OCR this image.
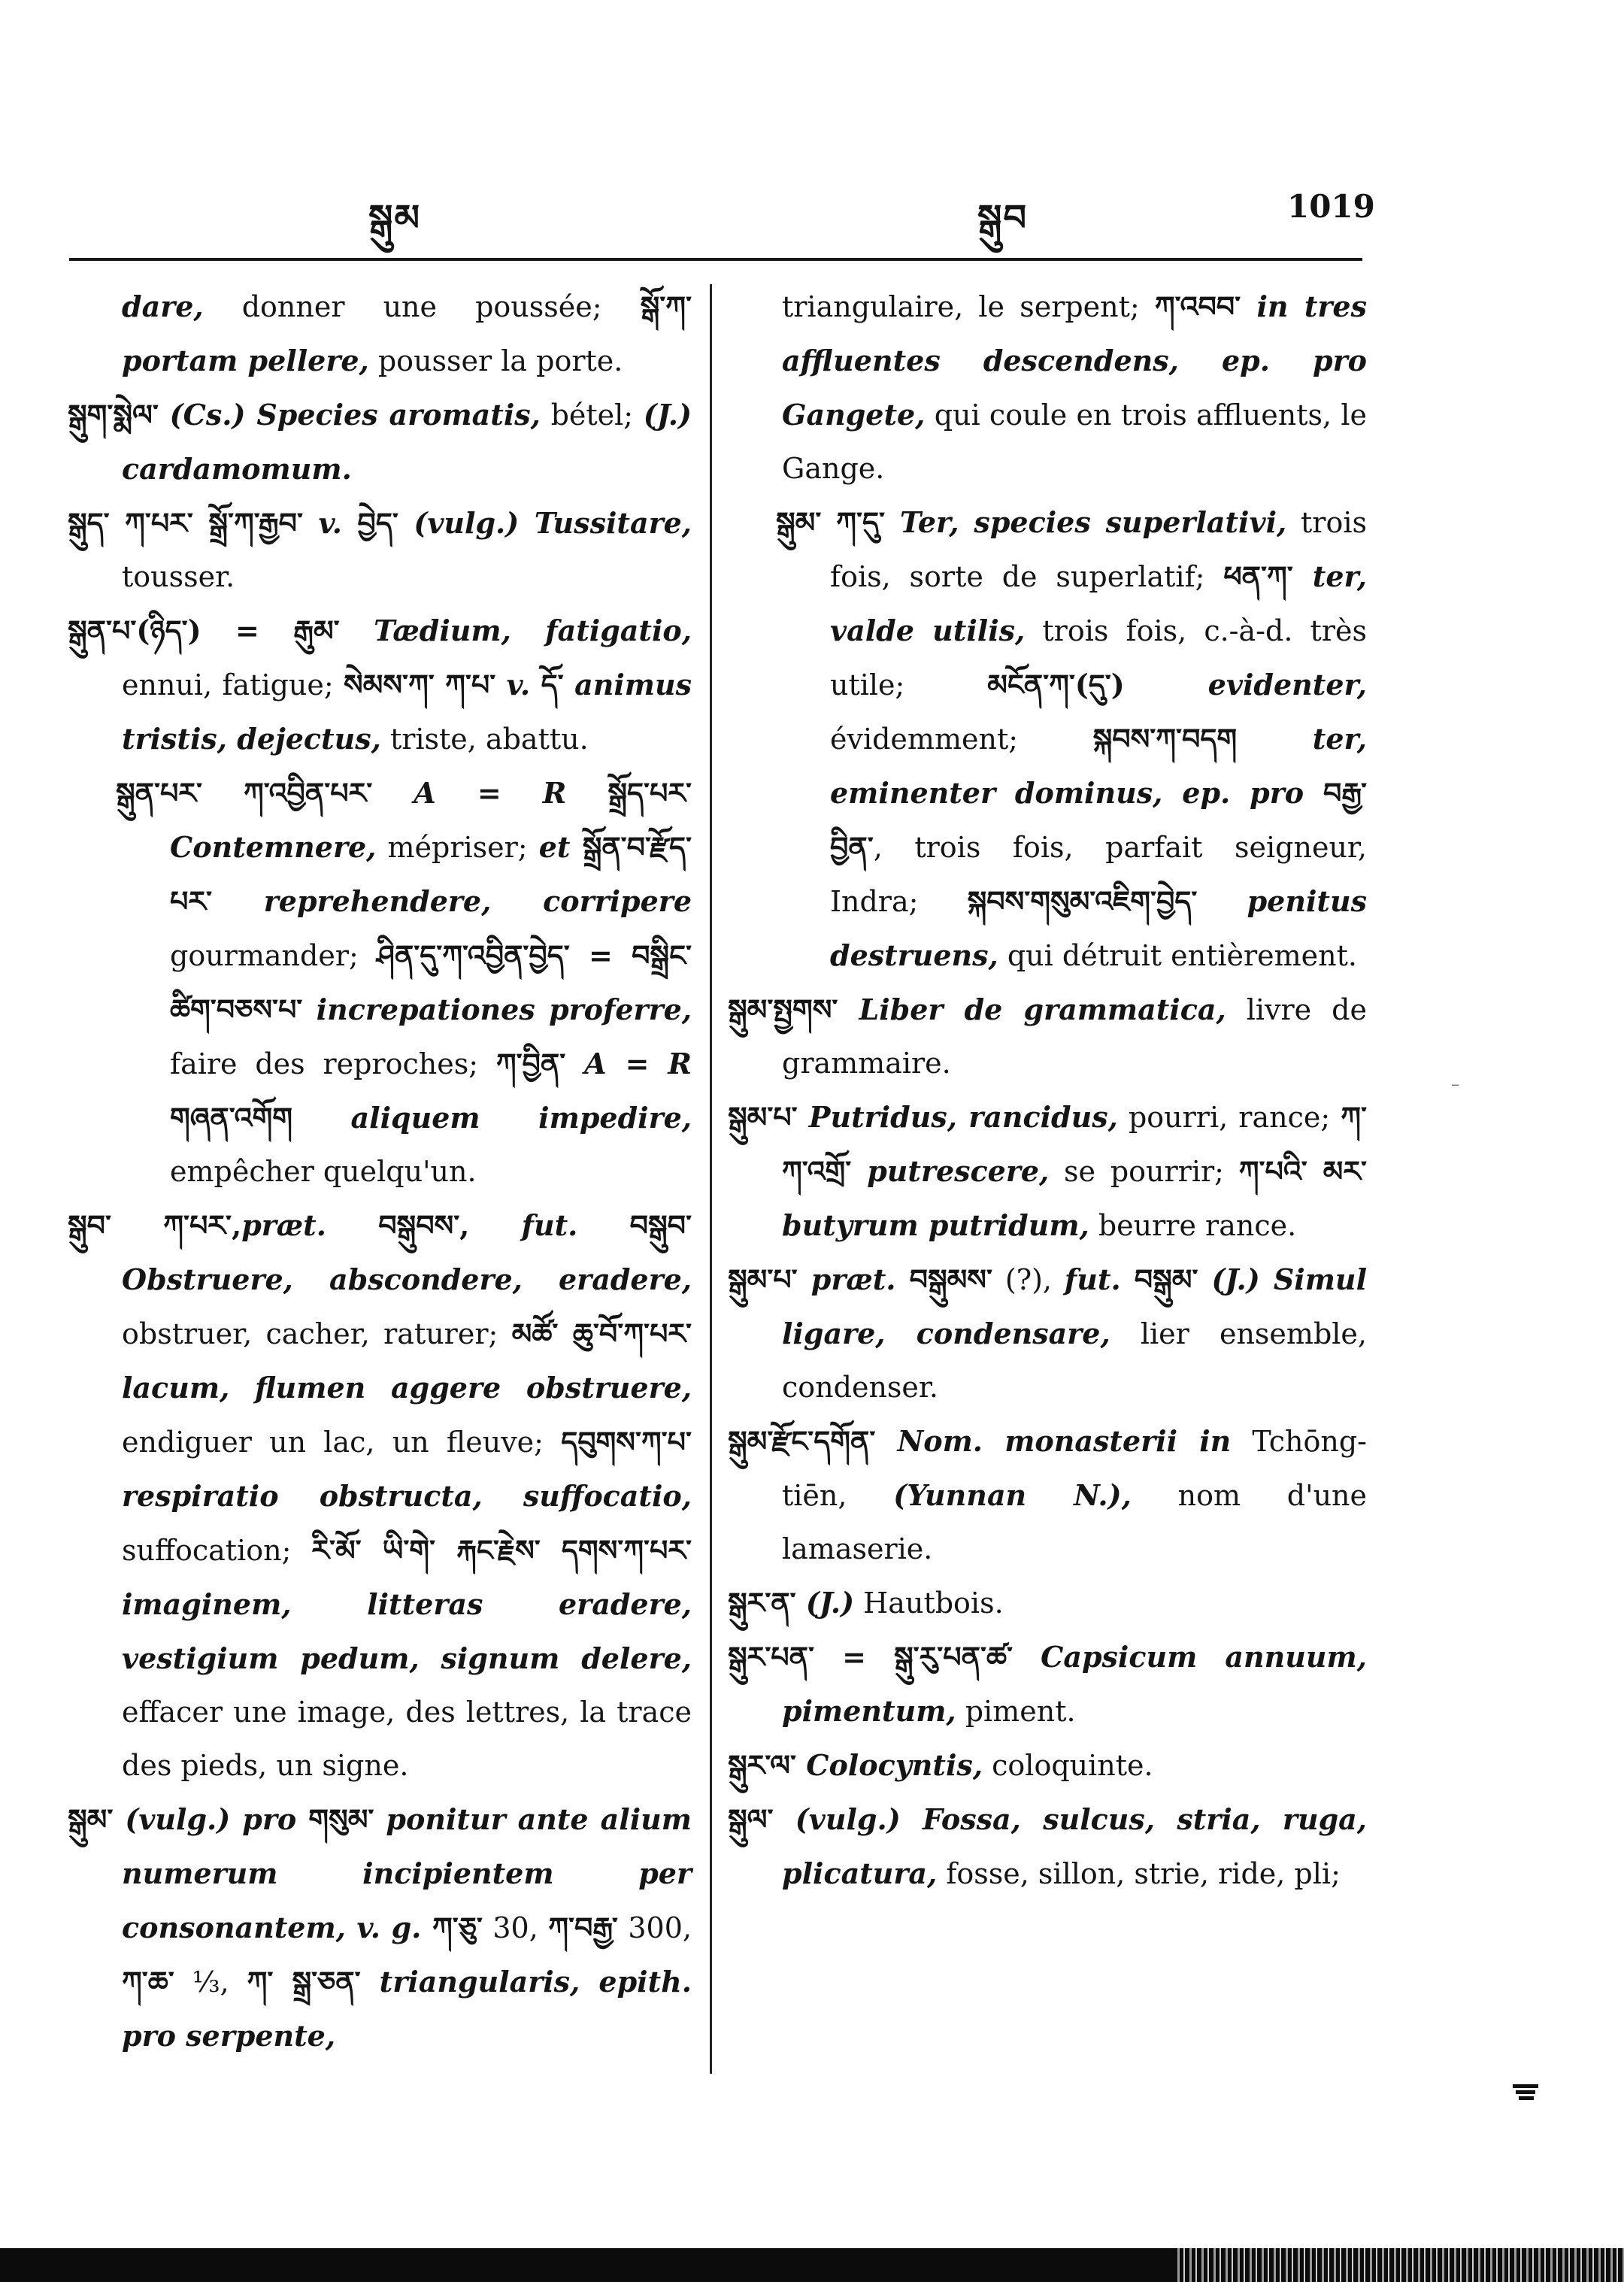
སྒུམ	སྒུབ	1019

dare, donner une poussée; སྒོ་ཀ་ portam pellere, pousser la porte.

སྒུག་སྨེལ་ (Cs.) Species aromatis, bétel; (J.) cardamomum.

སྒུད་ ཀ་པར་ སྒྲོ་ཀ་རྒྱབ་ v. བྱེད་ (vulg.) Tussitare, tousser.

སྒུན་པ་(ཉིད་) = རྒུམ་ Tædium, fatigatio, ennui, fatigue; སེམས་ཀ་ ཀ་པ་ v. དོ་ animus tristis, dejectus, triste, abattu.

སྒུན་པར་ ཀ་འབྱིན་པར་ A = R སྒྲོད་པར་ Contemnere, mépriser; et སྒྲོན་བ་རྫོད་པར་ reprehendere, corripere gourmander; ཤིན་དུ་ཀ་འབྱིན་བྱེད་ = བསྒྲིང་ཚིག་བཅས་པ་ increpationes proferre, faire des reproches; ཀ་བྱིན་ A = R གཞན་འགོག aliquem impedire, empêcher quelqu'un.

སྒུབ་ ཀ་པར་,præt. བསྒུབས་, fut. བསྒུབ་ Obstruere, abscondere, eradere, obstruer, cacher, raturer; མཚོ་ ཆུ་བོ་ཀ་པར་ lacum, flumen aggere obstruere, endiguer un lac, un fleuve; དབུགས་ཀ་པ་ respiratio obstructa, suffocatio, suffocation; རི་མོ་ ཡི་གེ་ རྐང་རྗེས་ དགས་ཀ་པར་ imaginem, litteras eradere, vestigium pedum, signum delere, effacer une image, des lettres, la trace des pieds, un signe.

སྒུམ་ (vulg.) pro གསུམ་ ponitur ante alium numerum incipientem per consonantem, v. g. ཀ་ཅུ་ 30, ཀ་བརྒྱ་ 300, ཀ་ཆ་ ⅓, ཀ་ སྒྲ་ཅན་ triangularis, epith. pro serpente,

triangulaire, le serpent; ཀ་འབབ་ in tres affluentes descendens, ep. pro Gangete, qui coule en trois affluents, le Gange.

སྒུམ་ ཀ་དུ་ Ter, species superlativi, trois fois, sorte de superlatif; ཕན་ཀ་ ter, valde utilis, trois fois, c.-à-d. très utile; མངོན་ཀ་(དུ་) evidenter, évidemment; སྐབས་ཀ་བདག ter, eminenter dominus, ep. pro བརྒྱ་བྱིན་, trois fois, parfait seigneur, Indra; སྐབས་གསུམ་འཇིག་བྱེད་ penitus destruens, qui détruit entièrement.

སྒུམ་སྤྱགས་ Liber de grammatica, livre de grammaire.

སྒུམ་པ་ Putridus, rancidus, pourri, rance; ཀ་ཀ་འགྲོ་ putrescere, se pourrir; ཀ་པའི་ མར་ butyrum putridum, beurre rance.

སྒུམ་པ་ præt. བསྒུམས་ (?), fut. བསྒུམ་ (J.) Simul ligare, condensare, lier ensemble, condenser.

སྒུམ་རྫོང་དགོན་ Nom. monasterii in Tchōng-tiēn, (Yunnan N.), nom d'une lamaserie.

སྒུར་ན་ (J.) Hautbois.

སྒུར་པན་ = སྒུ་རུ་པན་ཚ་ Capsicum annuum, pimentum, piment.

སྒུར་ལ་ Colocyntis, coloquinte.

སྒུལ་ (vulg.) Fossa, sulcus, stria, ruga, plicatura, fosse, sillon, strie, ride, pli;

–
